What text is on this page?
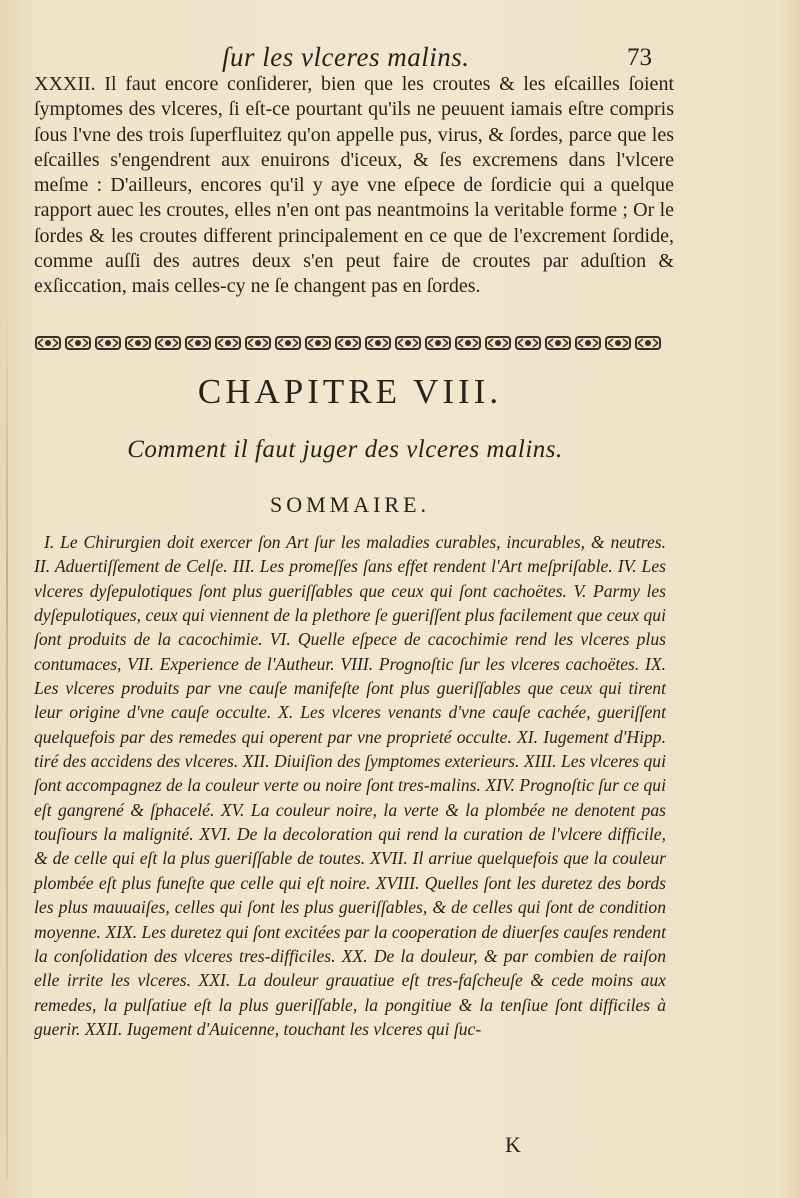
ſur les vlceres malins.	73

XXXII. Il faut encore conſiderer, bien que les croutes & les eſcailles ſoient ſymptomes des vlceres, ſi eſt-ce pourtant qu'ils ne peuuent iamais eſtre compris ſous l'vne des trois ſuperfluitez qu'on appelle pus, virus, & ſordes, parce que les eſcailles s'engendrent aux enuirons d'iceux, & ſes excremens dans l'vlcere meſme : D'ailleurs, encores qu'il y aye vne eſpece de ſordicie qui a quelque rapport auec les croutes, elles n'en ont pas neantmoins la veritable forme ; Or le ſordes & les croutes different principalement en ce que de l'excrement ſordide, comme auſſi des autres deux s'en peut faire de croutes par aduſtion & exſiccation, mais celles-cy ne ſe changent pas en ſordes.

CHAPITRE VIII.
Comment il faut juger des vlceres malins.
SOMMAIRE.

I. Le Chirurgien doit exercer ſon Art ſur les maladies curables, incurables, & neutres. II. Aduertiſſement de Celſe. III. Les promeſſes ſans effet rendent l'Art meſpriſable. IV. Les vlceres dyſepulotiques ſont plus gueriſſables que ceux qui ſont cachoëtes. V. Parmy les dyſepulotiques, ceux qui viennent de la plethore ſe gueriſſent plus facilement que ceux qui ſont produits de la cacochimie. VI. Quelle eſpece de cacochimie rend les vlceres plus contumaces, VII. Experience de l'Autheur. VIII. Prognoſtic ſur les vlceres cachoëtes. IX. Les vlceres produits par vne cauſe manifeſte ſont plus gueriſſables que ceux qui tirent leur origine d'vne cauſe occulte. X. Les vlceres venants d'vne cauſe cachée, gueriſſent quelquefois par des remedes qui operent par vne proprieté occulte. XI. Iugement d'Hipp. tiré des accidens des vlceres. XII. Diuiſion des ſymptomes exterieurs. XIII. Les vlceres qui ſont accompagnez de la couleur verte ou noire ſont tres-malins. XIV. Prognoſtic ſur ce qui eſt gangrené & ſphacelé. XV. La couleur noire, la verte & la plombée ne denotent pas touſiours la malignité. XVI. De la decoloration qui rend la curation de l'vlcere difficile, & de celle qui eſt la plus gueriſſable de toutes. XVII. Il arriue quelquefois que la couleur plombée eſt plus funeſte que celle qui eſt noire. XVIII. Quelles ſont les duretez des bords les plus mauuaiſes, celles qui ſont les plus gueriſſables, & de celles qui ſont de condition moyenne. XIX. Les duretez qui ſont excitées par la cooperation de diuerſes cauſes rendent la conſolidation des vlceres tres-difficiles. XX. De la douleur, & par combien de raiſon elle irrite les vlceres. XXI. La douleur grauatiue eſt tres-faſcheuſe & cede moins aux remedes, la pulſatiue eſt la plus gueriſſable, la pongitiue & la tenſiue ſont difficiles à guerir. XXII. Iugement d'Auicenne, touchant les vlceres qui ſuc-

K
